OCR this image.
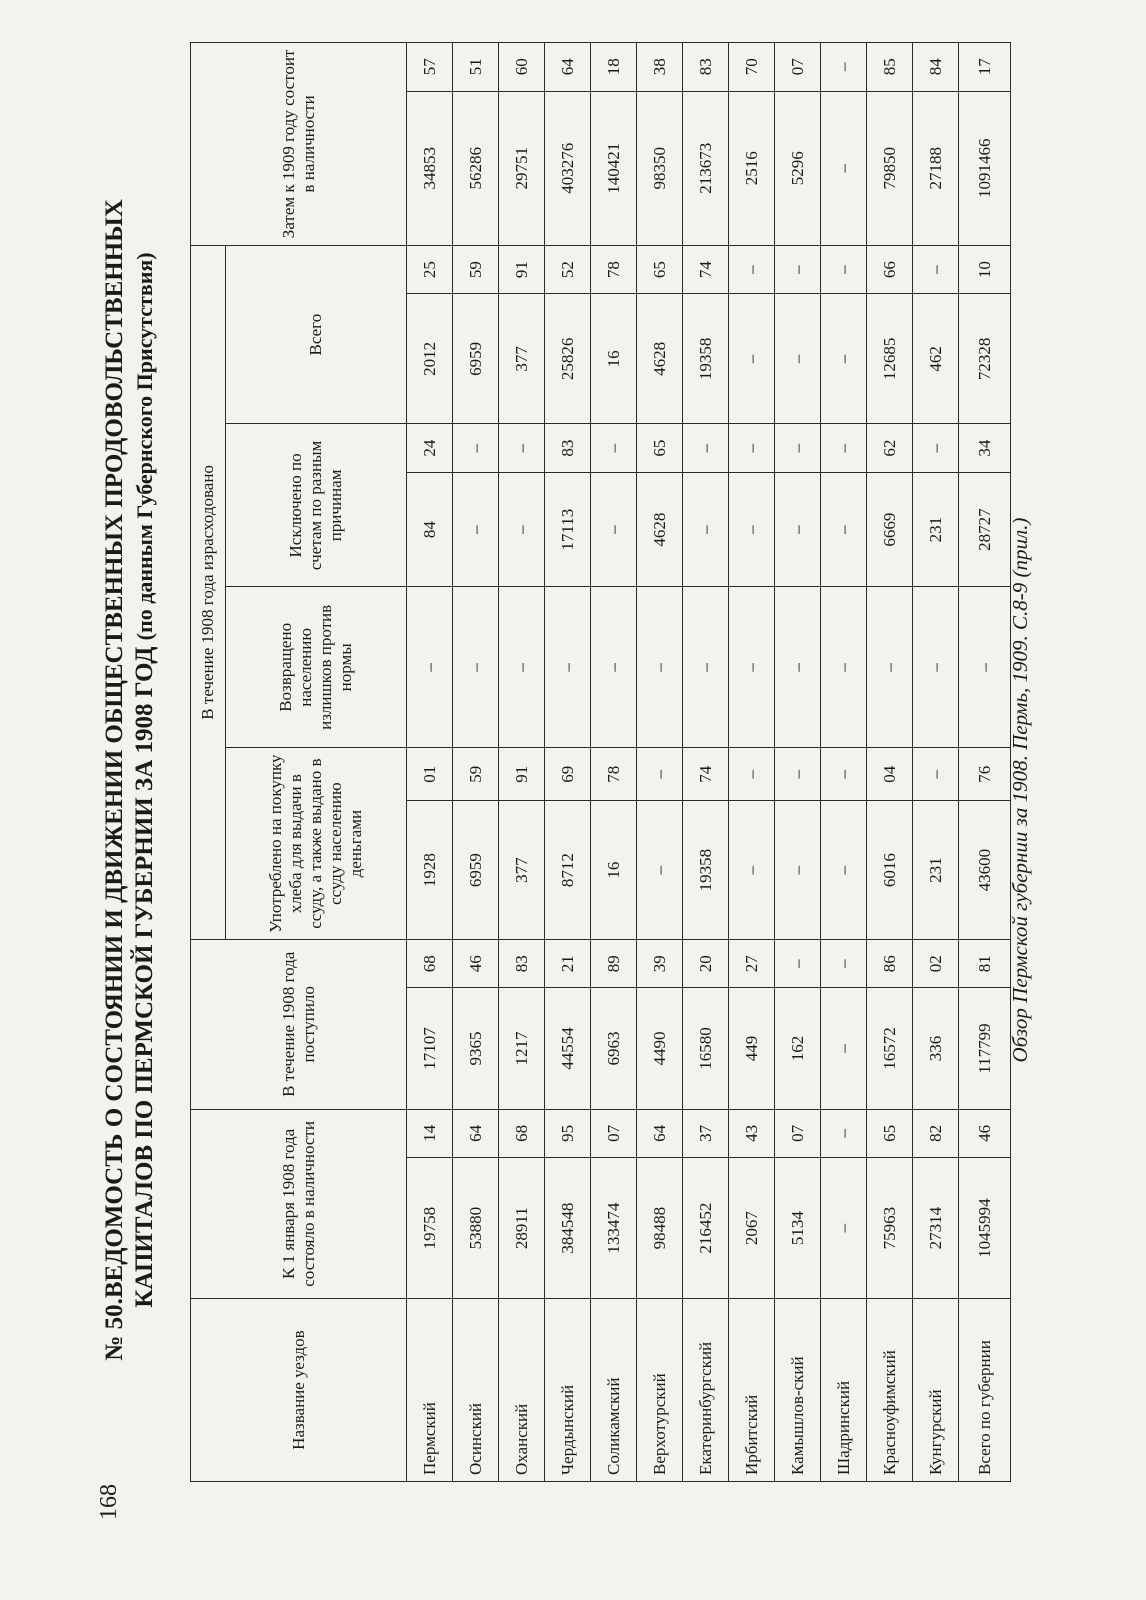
168
№ 50.ВЕДОМОСТЬ О СОСТОЯНИИ И ДВИЖЕНИИ ОБЩЕСТВЕННЫХ ПРОДОВОЛЬСТВЕННЫХ КАПИТАЛОВ ПО ПЕРМСКОЙ ГУБЕРНИИ ЗА 1908 ГОД (по данным Губернского Присутствия)
Название уездов	К 1 января 1908 года состояло в наличности		В течение 1908 года поступило		В течение 1908 года израсходовано							Затем к 1909 году состоит в наличности	
					Употреблено на покупку хлеба для выдачи в ссуду, а также выдано в ссуду населению деньгами		Возвращено населению излишков против нормы	Исключено по счетам по разным причинам		Всего			
Пермский	19758	14	17107	68	1928	01	–	84	24	2012	25	34853	57
Осинский	53880	64	9365	46	6959	59	–	–	–	6959	59	56286	51
Оханский	28911	68	1217	83	377	91	–	–	–	377	91	29751	60
Чердынский	384548	95	44554	21	8712	69	–	17113	83	25826	52	403276	64
Соликамский	133474	07	6963	89	16	78	–	–	–	16	78	140421	18
Верхотурский	98488	64	4490	39	–	–	–	4628	65	4628	65	98350	38
Екатеринбургский	216452	37	16580	20	19358	74	–	–	–	19358	74	213673	83
Ирбитский	2067	43	449	27	–	–	–	–	–	–	–	2516	70
Камышлов-ский	5134	07	162	–	–	–	–	–	–	–	–	5296	07
Шадринский	–	–	–	–	–	–	–	–	–	–	–	–	–
Красноуфимский	75963	65	16572	86	6016	04	–	6669	62	12685	66	79850	85
Кунгурский	27314	82	336	02	231	–	–	231	–	462	–	27188	84
Всего по губернии	1045994	46	117799	81	43600	76	–	28727	34	72328	10	1091466	17
Обзор Пермской губернии за 1908. Пермь, 1909. С.8-9 (прил.)
